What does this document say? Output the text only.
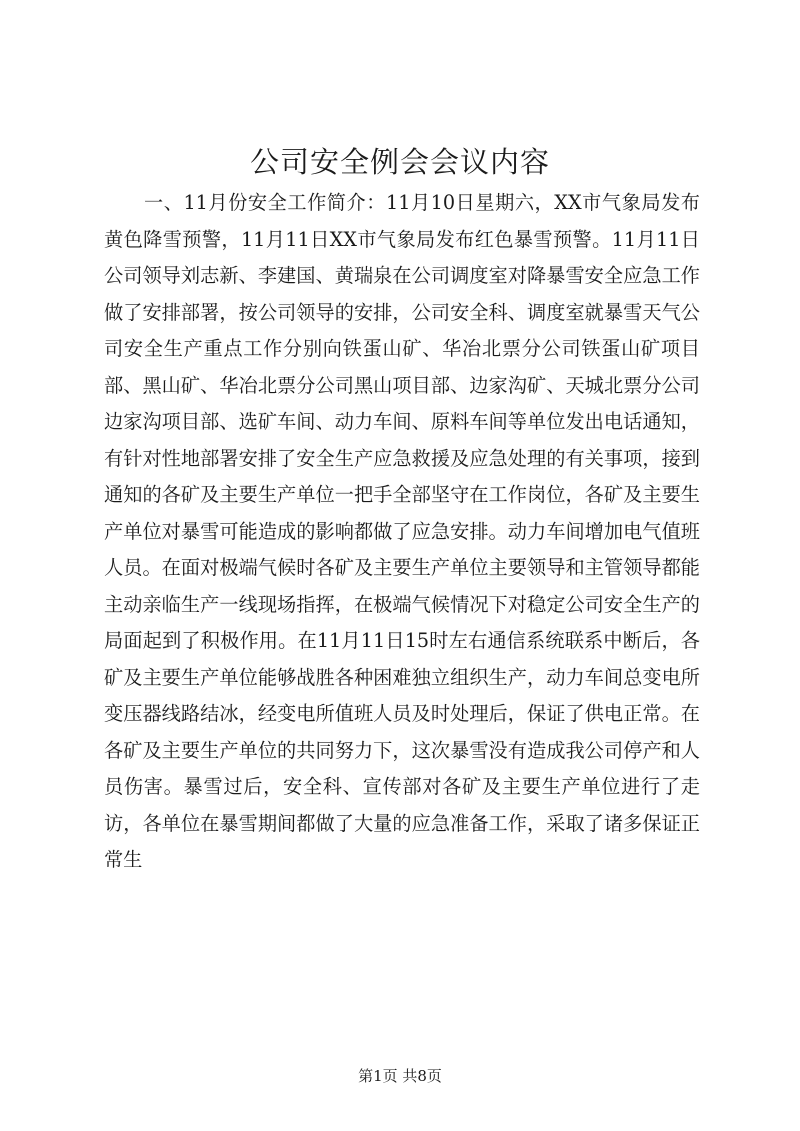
公司安全例会会议内容

一、11月份安全工作简介：11月10日星期六，XX市气象局发布黄色降雪预警，11月11日XX市气象局发布红色暴雪预警。11月11日公司领导刘志新、李建国、黄瑞泉在公司调度室对降暴雪安全应急工作做了安排部署，按公司领导的安排，公司安全科、调度室就暴雪天气公司安全生产重点工作分别向铁蛋山矿、华冶北票分公司铁蛋山矿项目部、黑山矿、华冶北票分公司黑山项目部、边家沟矿、天城北票分公司边家沟项目部、选矿车间、动力车间、原料车间等单位发出电话通知，有针对性地部署安排了安全生产应急救援及应急处理的有关事项，接到通知的各矿及主要生产单位一把手全部坚守在工作岗位，各矿及主要生产单位对暴雪可能造成的影响都做了应急安排。动力车间增加电气值班人员。在面对极端气候时各矿及主要生产单位主要领导和主管领导都能主动亲临生产一线现场指挥，在极端气候情况下对稳定公司安全生产的局面起到了积极作用。在11月11日15时左右通信系统联系中断后，各矿及主要生产单位能够战胜各种困难独立组织生产，动力车间总变电所变压器线路结冰，经变电所值班人员及时处理后，保证了供电正常。在各矿及主要生产单位的共同努力下，这次暴雪没有造成我公司停产和人员伤害。暴雪过后，安全科、宣传部对各矿及主要生产单位进行了走访，各单位在暴雪期间都做了大量的应急准备工作，采取了诸多保证正常生

第1页 共8页
